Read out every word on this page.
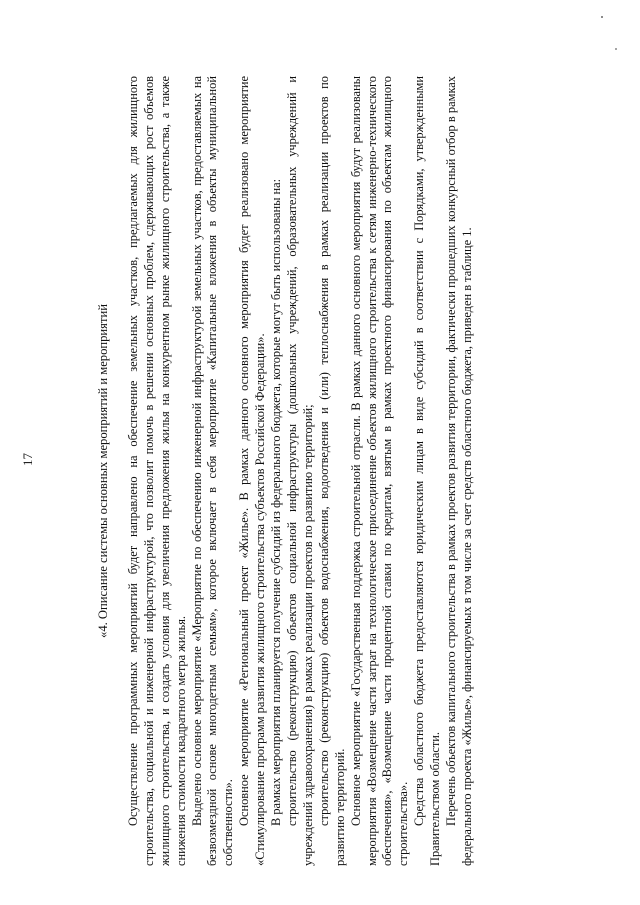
17	«4. Описание системы основных мероприятий и мероприятий Осуществление программных мероприятий будет направлено на обеспечение земельных участков, предлагаемых для жилищного строительства, социальной и инженерной инфраструктурой, что позволит помочь в решении основных проблем, сдерживающих рост объемов жилищного строительства, и создать условия для увеличения предложения жилья на конкурентном рынке жилищного строительства, а также снижения стоимости квадратного метра жилья. Выделено основное мероприятие «Мероприятие по обеспечению инженерной инфраструктурой земельных участков, предоставляемых на безвозмездной основе многодетным семьям», которое включает в себя мероприятие «Капитальные вложения в объекты муниципальной собственности». Основное мероприятие «Региональный проект «Жилье». В рамках данного основного мероприятия будет реализовано мероприятие «Стимулирование программ развития жилищного строительства субъектов Российской Федерации». В рамках мероприятия планируется получение субсидий из федерального бюджета, которые могут быть использованы на: строительство (реконструкцию) объектов социальной инфраструктуры (дошкольных учреждений, образовательных учреждений и учреждений здравоохранения) в рамках реализации проектов по развитию территорий; строительство (реконструкцию) объектов водоснабжения, водоотведения и (или) теплоснабжения в рамках реализации проектов по развитию территорий. Основное мероприятие «Государственная поддержка строительной отрасли. В рамках данного основного мероприятия будут реализованы мероприятия «Возмещение части затрат на технологическое присоединение объектов жилищного строительства к сетям инженерно-технического обеспечения», «Возмещение части процентной ставки по кредитам, взятым в рамках проектного финансирования по объектам жилищного строительства». Средства областного бюджета предоставляются юридическим лицам в виде субсидий в соответствии с Порядками, утвержденными Правительством области. Перечень объектов капитального строительства в рамках проектов развития территории, фактически прошедших конкурсный отбор в рамках федерального проекта «Жилье», финансируемых в том числе за счет средств областного бюджета, приведен в таблице 1.
